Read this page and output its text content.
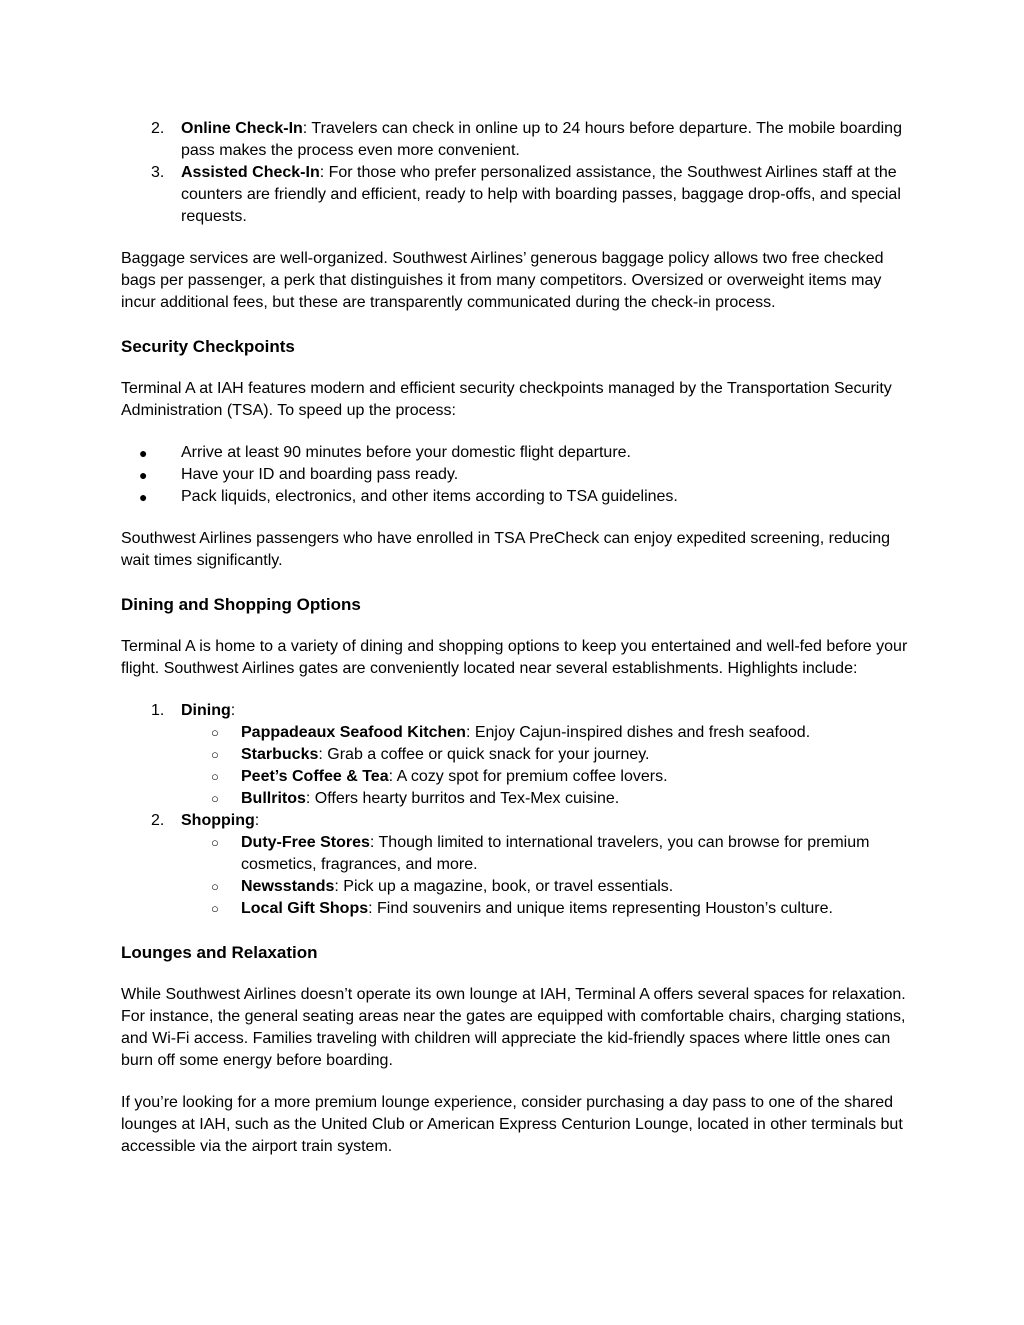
2. Online Check-In: Travelers can check in online up to 24 hours before departure. The mobile boarding pass makes the process even more convenient.
3. Assisted Check-In: For those who prefer personalized assistance, the Southwest Airlines staff at the counters are friendly and efficient, ready to help with boarding passes, baggage drop-offs, and special requests.

Baggage services are well-organized. Southwest Airlines’ generous baggage policy allows two free checked bags per passenger, a perk that distinguishes it from many competitors. Oversized or overweight items may incur additional fees, but these are transparently communicated during the check-in process.

Security Checkpoints

Terminal A at IAH features modern and efficient security checkpoints managed by the Transportation Security Administration (TSA). To speed up the process:

● Arrive at least 90 minutes before your domestic flight departure.
● Have your ID and boarding pass ready.
● Pack liquids, electronics, and other items according to TSA guidelines.

Southwest Airlines passengers who have enrolled in TSA PreCheck can enjoy expedited screening, reducing wait times significantly.

Dining and Shopping Options

Terminal A is home to a variety of dining and shopping options to keep you entertained and well-fed before your flight. Southwest Airlines gates are conveniently located near several establishments. Highlights include:

1. Dining:
○ Pappadeaux Seafood Kitchen: Enjoy Cajun-inspired dishes and fresh seafood.
○ Starbucks: Grab a coffee or quick snack for your journey.
○ Peet’s Coffee & Tea: A cozy spot for premium coffee lovers.
○ Bullritos: Offers hearty burritos and Tex-Mex cuisine.
2. Shopping:
○ Duty-Free Stores: Though limited to international travelers, you can browse for premium cosmetics, fragrances, and more.
○ Newsstands: Pick up a magazine, book, or travel essentials.
○ Local Gift Shops: Find souvenirs and unique items representing Houston’s culture.
Lounges and Relaxation

While Southwest Airlines doesn’t operate its own lounge at IAH, Terminal A offers several spaces for relaxation. For instance, the general seating areas near the gates are equipped with comfortable chairs, charging stations, and Wi-Fi access. Families traveling with children will appreciate the kid-friendly spaces where little ones can burn off some energy before boarding.

If you’re looking for a more premium lounge experience, consider purchasing a day pass to one of the shared lounges at IAH, such as the United Club or American Express Centurion Lounge, located in other terminals but accessible via the airport train system.
